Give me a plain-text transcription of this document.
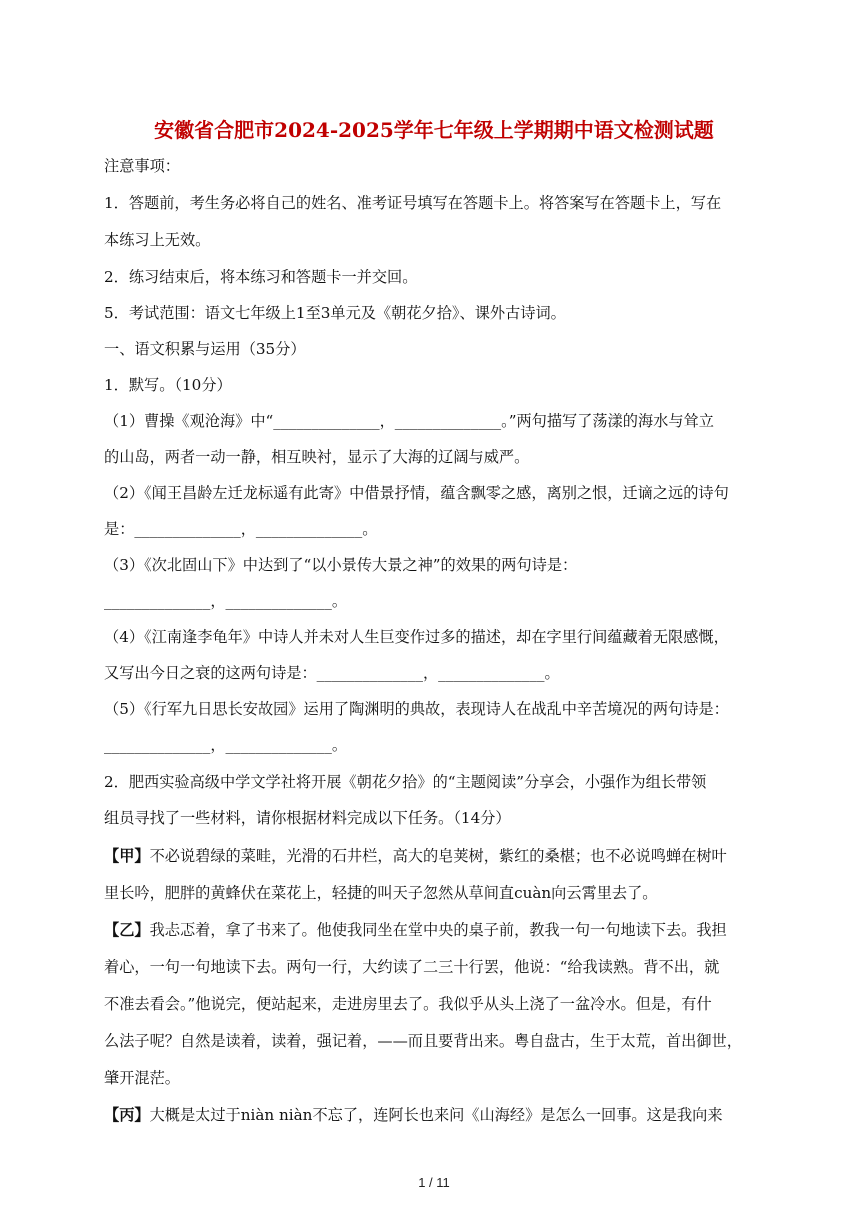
安徽省合肥市2024-2025学年七年级上学期期中语文检测试题
注意事项：
1．答题前，考生务必将自己的姓名、准考证号填写在答题卡上。将答案写在答题卡上，写在
本练习上无效。
2．练习结束后，将本练习和答题卡一并交回。
5．考试范围：语文七年级上1至3单元及《朝花夕拾》、课外古诗词。
一、语文积累与运用（35分）
1．默写。（10分）
（1）曹操《观沧海》中“______________，______________。”两句描写了荡漾的海水与耸立
的山岛，两者一动一静，相互映衬，显示了大海的辽阔与威严。
（2）《闻王昌龄左迁龙标遥有此寄》中借景抒情，蕴含飘零之感，离别之恨，迁谪之远的诗句
是：______________，______________。
（3）《次北固山下》中达到了“以小景传大景之神”的效果的两句诗是：
______________，______________。
（4）《江南逢李龟年》中诗人并未对人生巨变作过多的描述，却在字里行间蕴藏着无限感慨，
又写出今日之衰的这两句诗是：______________，______________。
（5）《行军九日思长安故园》运用了陶渊明的典故，表现诗人在战乱中辛苦境况的两句诗是：
______________，______________。
2．肥西实验高级中学文学社将开展《朝花夕拾》的“主题阅读”分享会，小强作为组长带领
组员寻找了一些材料，请你根据材料完成以下任务。（14分）
【甲】不必说碧绿的菜畦，光滑的石井栏，高大的皂荚树，紫红的桑椹；也不必说鸣蝉在树叶
里长吟，肥胖的黄蜂伏在菜花上，轻捷的叫天子忽然从草间直cuàn向云霄里去了。
【乙】我忐忑着，拿了书来了。他使我同坐在堂中央的桌子前，教我一句一句地读下去。我担
着心，一句一句地读下去。两句一行，大约读了二三十行罢，他说：“给我读熟。背不出，就
不准去看会。”他说完，便站起来，走进房里去了。我似乎从头上浇了一盆冷水。但是，有什
么法子呢？自然是读着，读着，强记着，——而且要背出来。粤自盘古，生于太荒，首出御世，
肇开混茫。
【丙】大概是太过于niàn niàn不忘了，连阿长也来问《山海经》是怎么一回事。这是我向来
1 / 11
